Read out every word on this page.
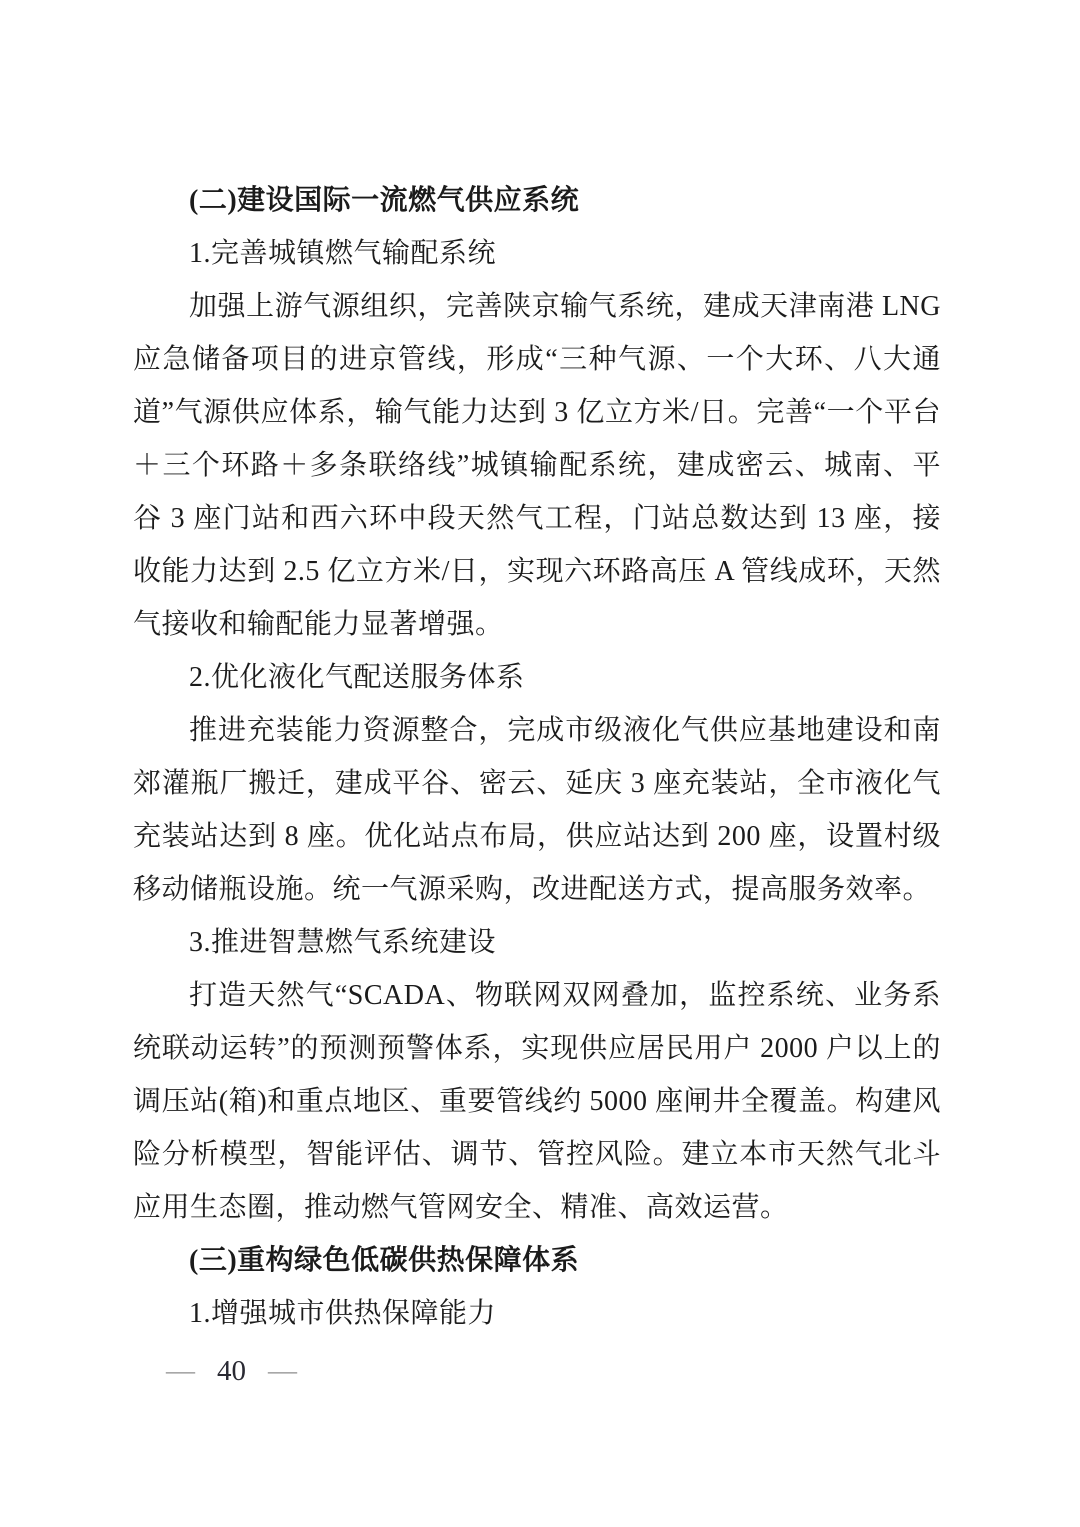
(二)建设国际一流燃气供应系统

1.完善城镇燃气输配系统

加强上游气源组织，完善陕京输气系统，建成天津南港 LNG 应急储备项目的进京管线，形成“三种气源、一个大环、八大通道”气源供应体系，输气能力达到 3 亿立方米/日。完善“一个平台＋三个环路＋多条联络线”城镇输配系统，建成密云、城南、平谷 3 座门站和西六环中段天然气工程，门站总数达到 13 座，接收能力达到 2.5 亿立方米/日，实现六环路高压 A 管线成环，天然气接收和输配能力显著增强。

2.优化液化气配送服务体系

推进充装能力资源整合，完成市级液化气供应基地建设和南郊灌瓶厂搬迁，建成平谷、密云、延庆 3 座充装站，全市液化气充装站达到 8 座。优化站点布局，供应站达到 200 座，设置村级移动储瓶设施。统一气源采购，改进配送方式，提高服务效率。

3.推进智慧燃气系统建设

打造天然气“SCADA、物联网双网叠加，监控系统、业务系统联动运转”的预测预警体系，实现供应居民用户 2000 户以上的调压站(箱)和重点地区、重要管线约 5000 座闸井全覆盖。构建风险分析模型，智能评估、调节、管控风险。建立本市天然气北斗应用生态圈，推动燃气管网安全、精准、高效运营。

(三)重构绿色低碳供热保障体系

1.增强城市供热保障能力

— 40 —
